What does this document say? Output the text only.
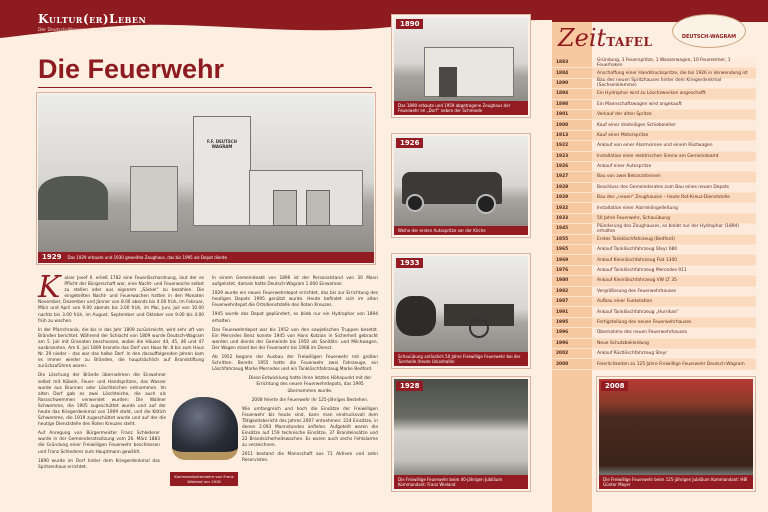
Kultur(er)Leben
Der Deutsch-Wagramer Kultur-Spaziergang
Die Feuerwehr
F.F. DEUTSCH WAGRAM
1929 Das 1929 erbaute und 1930 geweihte Zeughaus, das bis 1995 als Depot diente

Kaiser Josef II. erließ 1782 eine Feuerlöschordnung, laut der es Pflicht der Bürgerschaft war, eine Nacht- und Feuerwache selbst zu stellen oder aus eigenem „Säckel“ zu bezahlen. Die eingeteilten Nacht- und Feuerwachen hatten in den Monaten November, Dezember und Jänner von 8.00 abends bis 4.00 früh, im Februar, März und April von 9.00 abends bis 3.00 früh, im Mai, Juni, Juli von 10.00 nachts bis 3.00 früh, im August, September und Oktober von 9.00 bis 4.00 früh zu wachen.

In der Pfarrchronik, die bis in das Jahr 1809 zurückreicht, wird sehr oft von Bränden berichtet. Während der Schlacht von 1809 wurde Deutsch-Wagram am 5. Juli mit Granaten beschossen, wobei die Häuser 44, 45, 46 und 47 ausbrannten. Am 6. Juli 1809 brannte das Dorf von Haus Nr. 8 bis zum Haus Nr. 29 nieder – das war das halbe Dorf. In den darauffolgenden Jahren kam es immer wieder zu Bränden, die hauptsächlich auf Brandstiftung zurückzuführen waren.

Die Löschung der Brände übernahmen die Einwohner selbst mit Kübeln, Feuer- und Handspritzen, das Wasser wurde aus Brunnen oder Löschteichen entnommen. Im alten Dorf gab es zwei Löschteiche, die auch als Rossschwemmen verwendet wurden: Die Wallner Schwemme, die 1905 zugeschüttet wurde und auf der heute das Kriegerdenkmal von 1909 steht, und die Kittich Schwemme, die 1919 zugeschüttet wurde und auf der die heutige Dienststelle des Roten Kreuzes steht.

Auf Anregung von Bürgermeister Franz Schlederer wurde in der Gemeinderatssitzung vom 26. März 1883 die Gründung einer Freiwilligen Feuerwehr beschlossen und Franz Schlederer zum Hauptmann gewählt.

1890 wurde im Dorf hinter dem Kriegerdenkmal das Spritzenhaus errichtet.

In einem Gemeindeakt von 1896 ist der Personalstand von 30 Mann aufgelistet, damals hatte Deutsch-Wagram 1.000 Einwohner.

1929 wurde ein neues Feuerwehrdepot errichtet, das bis zur Errichtung des heutigen Depots 1995 genützt wurde. Heute befindet sich im alten Feuerwehrdepot die Ortsdienststelle des Roten Kreuzes.

1945 wurde das Depot geplündert, es blieb nur ein Hydrophor von 1894 erhalten.

Das Feuerwehrdepot war bis 1952 von den sowjetischen Truppen besetzt. Ein Mercedes Benz konnte 1945 von Hans Kotzian in Sicherheit gebracht werden und diente der Gemeinde bis 1950 als Sanitäts- und Milchwagen. Der Wagen stand bei der Feuerwehr bis 1968 im Dienst.

Ab 1952 begann der Ausbau der Freiwilligen Feuerwehr mit großen Schritten. Bereits 1955 hatte die Feuerwehr zwei Fahrzeuge, ein Löschfahrzeug Marke Mercedes und ein Tanklöschfahrzeug Marke Bedford.

Diese Entwicklung hatte ihren letzten Höhepunkt mit der Errichtung des neuen Feuerwehrdepots, das 1995 übernommen wurde.

2008 feierte die Feuerwehr ihr 125-jähriges Bestehen.

Wie umfangreich und hoch die Einsätze der Freiwilligen Feuerwehr bis heute sind, kann man eindrucksvoll dem Tätigkeitsbericht des Jahres 2007 entnehmen: 224 Einsätze, in denen 2.093 Mannstunden anfielen. Aufgeteilt waren die Einsätze auf 159 technische Einsätze, 37 Brandeinsätze und 22 Brandsicherheitswachen. Es waren auch sechs Fehlalarme zu verzeichnen.

2011 bestand die Mannschaft aus 71 Aktiven und zehn Reservisten.

Kommandantenhelm von Franz Wieland um 1918
1890
Das 1890 erbaute und 1959 abgetragene Zeughaus der Feuerwehr im „Dorf“ neben der Schmiede
1926
Weihe der ersten Autospritze vor der Kirche
1933
Schauübung anlässlich 50 Jahre Freiwillige Feuerwehr bei der Turnhalle (heute Unionhalle)
1928
Die Freiwillige Feuerwehr beim 40-jährigen Jubiläum Kommandant: Franz Wieland
ZeitTAFEL	DEUTSCH-WAGRAM
1883	Gründung, 1 Feuerspritze, 1 Wasserwagen, 10 Feuereimer, 1 Feuerhaken
1884	Anschaffung einer Handdruckspritze, die bis 1926 in Verwendung ist
1890	Bau des neuen Spritzhauses hinter dem Kriegerdenkmal (Sachsenklemme)
1894	Ein Hydrophor wird zu Löschzwecken angeschafft
1898	Ein Mannschaftswagen wird angekauft
1901	Verkauf der alten Spritze
1908	Kauf einer dreiteiligen Schiebeleiter
1913	Kauf einer Motorspritze
1922	Ankauf von einer Alarmsirene und einem Rüstwagen
1923	Installation einer elektrischen Sirene am Gemeindeamt
1926	Ankauf einer Autospritze
1927	Bau von zwei Betonzisternen
1928	Beschluss des Gemeinderates zum Bau eines neuen Depots
1929	Bau des „neuen“ Zeughauses – heute Rot-Kreuz-Dienststelle
1932	Installation einer Alarmklingelleitung
1933	50 Jahre Feuerwehr, Schauübung
1945	Plünderung des Zeughauses, es bleibt nur der Hydrophor (1894) erhalten
1955	Erstes Tanklöschfahrzeug (Bedford)
1965	Ankauf Tanklöschfahrzeug Steyr 680
1969	Ankauf Kleinlöschfahrzeug Fiat 1300
1976	Ankauf Tanklöschfahrzeug Mercedes 911
1980	Ankauf Kleinlöschfahrzeug VW LT 35
1982	Vergrößerung des Feuerwehrhauses
1987	Aufbau einer Funkstation
1991	Ankauf Tanklöschfahrzeug „Hurrikan“
1995	Fertigstellung des neuen Feuerwehrhauses
1996	Übernahme des neuen Feuerwehrhauses
1996	Neue Schutzbekleidung
2002	Ankauf Rüstlöschfahrzeug Steyr
2008	Feierlichkeiten zu 125 Jahre Freiwillige Feuerwehr Deutsch-Wagram
2008
Die Freiwillige Feuerwehr beim 125-jährigen Jubiläum Kommandant: HBI Günter Mayer
